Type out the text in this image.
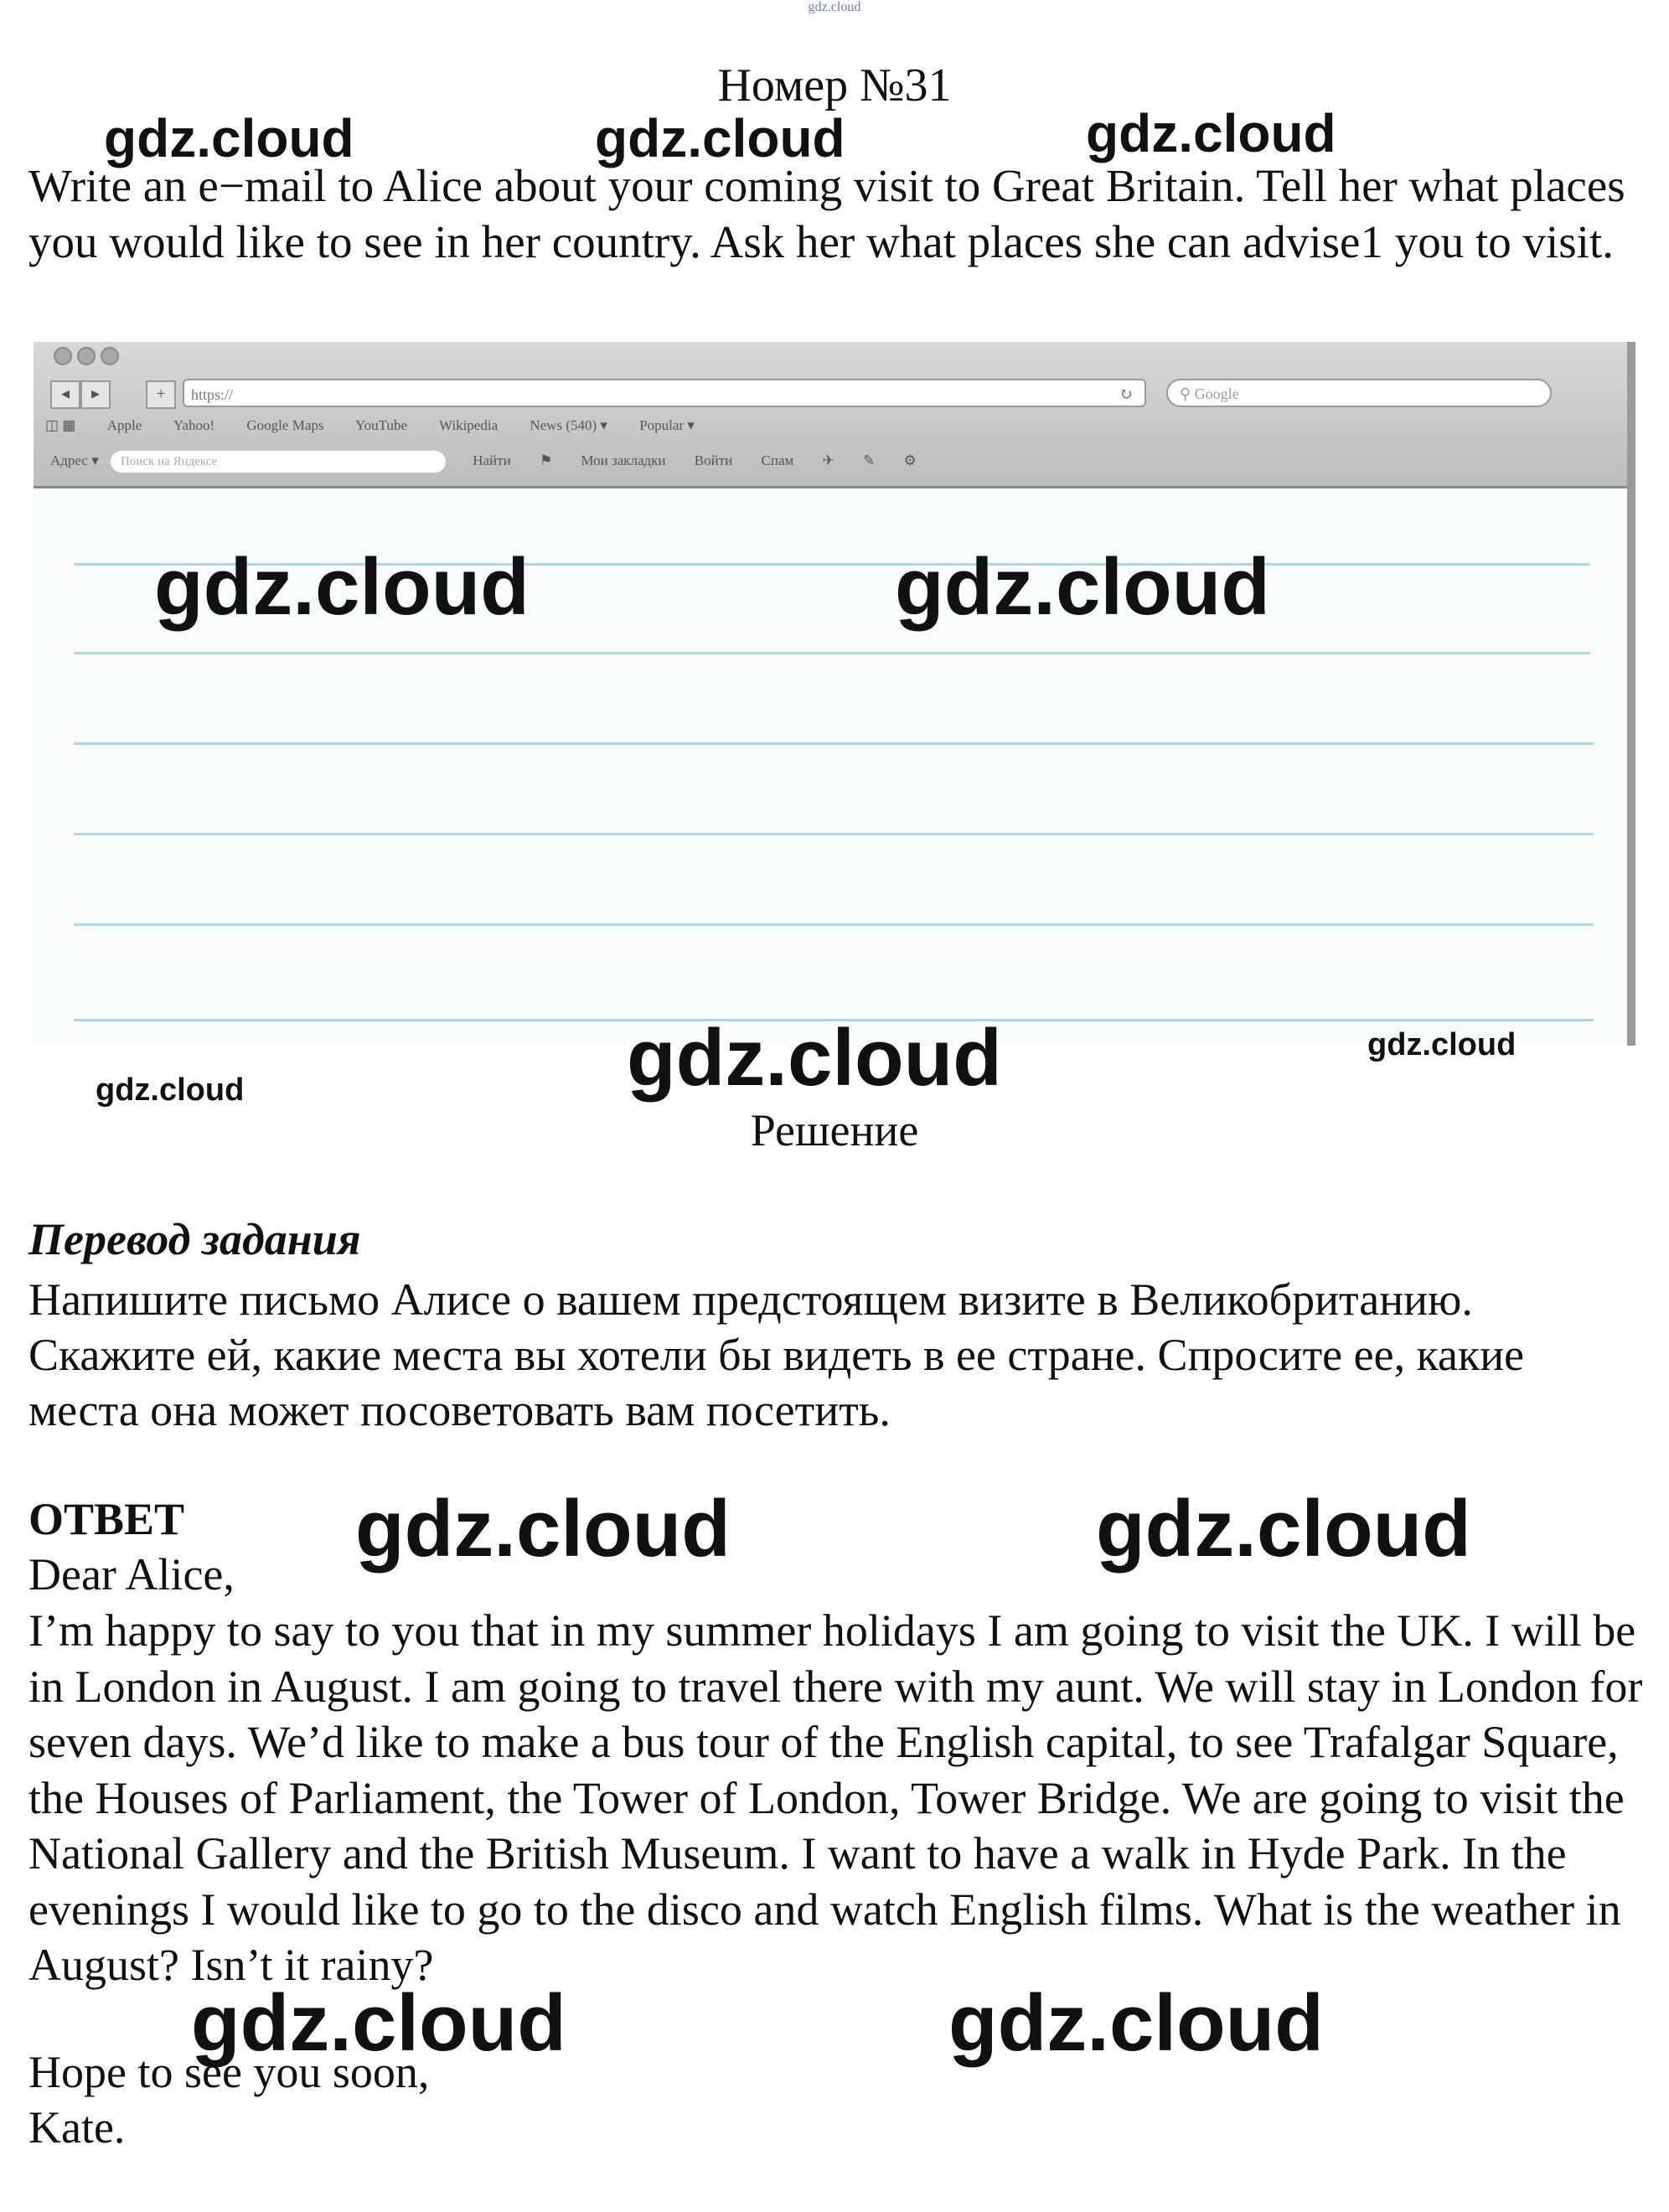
gdz.cloud
Номер №31
gdz.cloud	gdz.cloud	gdz.cloud

Write an e−mail to Alice about your coming visit to Great Britain. Tell her what places you would like to see in her country. Ask her what places she can advise1 you to visit.

◂	▸	+	https://	↻	⚲ Google
◫ ▦ Apple Yahoo! Google Maps YouTube Wikipedia News (540) ▾ Popular ▾
Адрес ▾ Поиск на Яндексе	Найти ⚑ Мои закладки Войти Спам ✈ ✎ ⚙
gdz.cloud	gdz.cloud
gdz.cloud	gdz.cloud
gdz.cloud
Решение
Перевод задания

Напишите письмо Алисе о вашем предстоящем визите в Великобританию. Скажите ей, какие места вы хотели бы видеть в ее стране. Спросите ее, какие места она может посоветовать вам посетить.

ОТВЕТ
Dear Alice,
gdz.cloud	gdz.cloud

I’m happy to say to you that in my summer holidays I am going to visit the UK. I will be in London in August. I am going to travel there with my aunt. We will stay in London for seven days. We’d like to make a bus tour of the English capital, to see Trafalgar Square, the Houses of Parliament, the Tower of London, Tower Bridge. We are going to visit the National Gallery and the British Museum. I want to have a walk in Hyde Park. In the evenings I would like to go to the disco and watch English films. What is the weather in August? Isn’t it rainy?

gdz.cloud	gdz.cloud
Hope to see you soon,
Kate.
